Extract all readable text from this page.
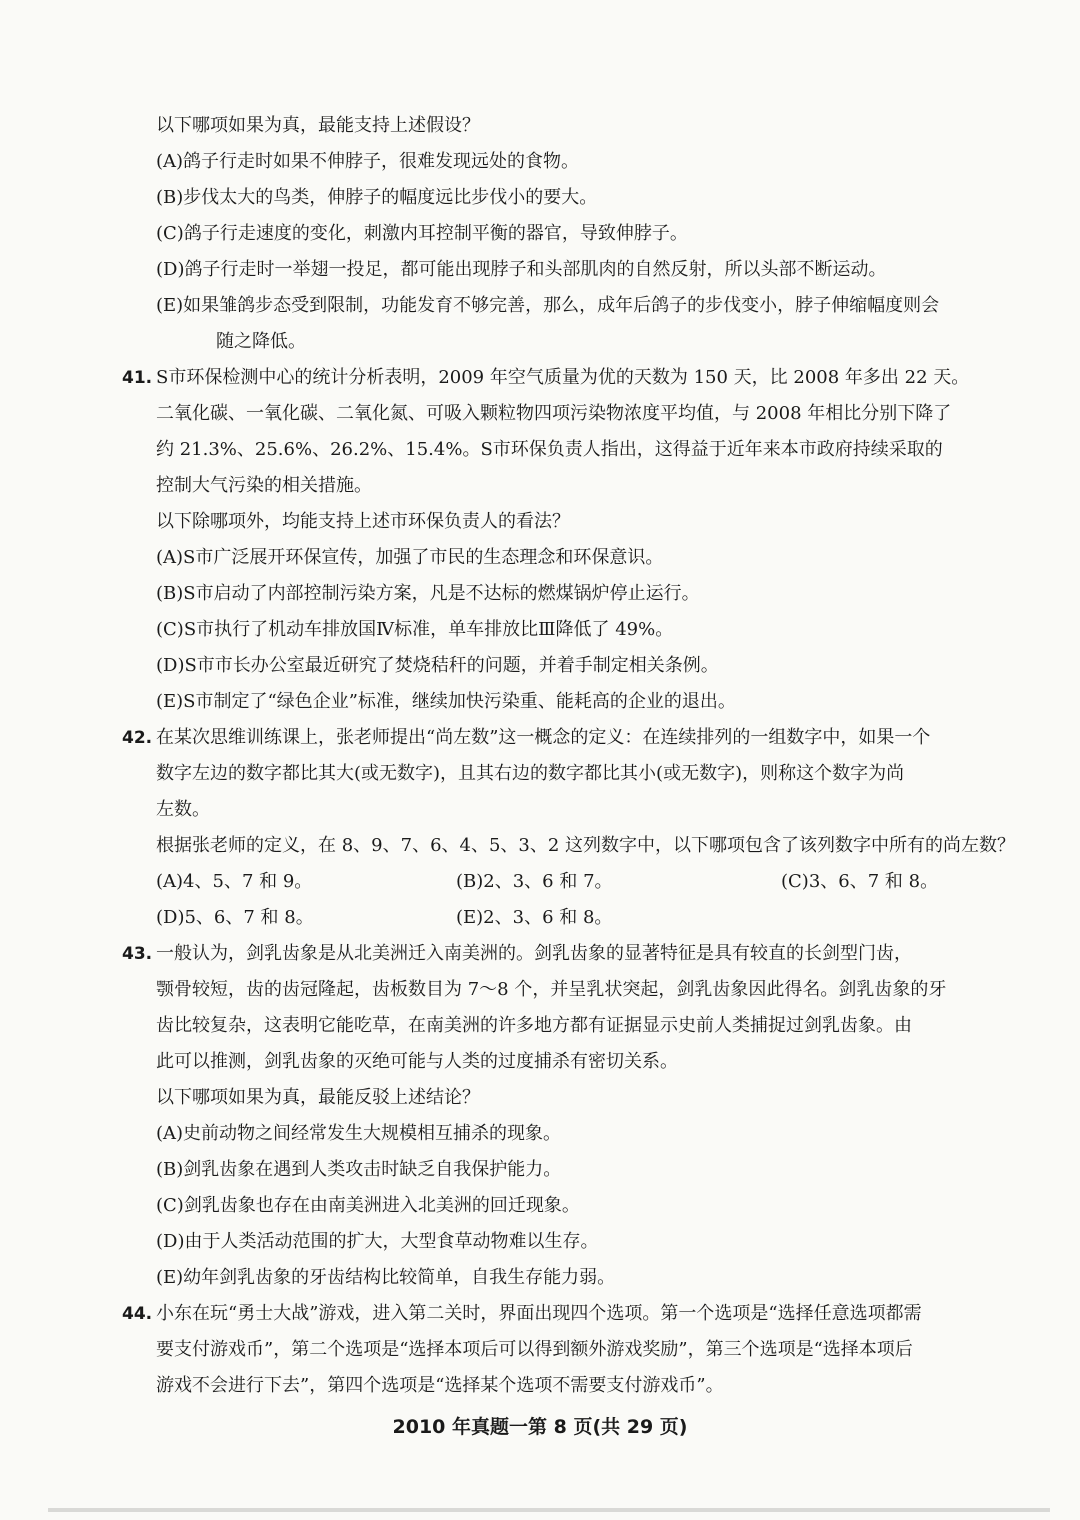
以下哪项如果为真，最能支持上述假设？
(A)鸽子行走时如果不伸脖子，很难发现远处的食物。
(B)步伐太大的鸟类，伸脖子的幅度远比步伐小的要大。
(C)鸽子行走速度的变化，刺激内耳控制平衡的器官，导致伸脖子。
(D)鸽子行走时一举翅一投足，都可能出现脖子和头部肌肉的自然反射，所以头部不断运动。
(E)如果雏鸽步态受到限制，功能发育不够完善，那么，成年后鸽子的步伐变小，脖子伸缩幅度则会
随之降低。
41. S市环保检测中心的统计分析表明，2009 年空气质量为优的天数为 150 天，比 2008 年多出 22 天。
二氧化碳、一氧化碳、二氧化氮、可吸入颗粒物四项污染物浓度平均值，与 2008 年相比分别下降了
约 21.3%、25.6%、26.2%、15.4%。S市环保负责人指出，这得益于近年来本市政府持续采取的
控制大气污染的相关措施。
以下除哪项外，均能支持上述市环保负责人的看法？
(A)S市广泛展开环保宣传，加强了市民的生态理念和环保意识。
(B)S市启动了内部控制污染方案，凡是不达标的燃煤锅炉停止运行。
(C)S市执行了机动车排放国Ⅳ标准，单车排放比Ⅲ降低了 49%。
(D)S市市长办公室最近研究了焚烧秸秆的问题，并着手制定相关条例。
(E)S市制定了“绿色企业”标准，继续加快污染重、能耗高的企业的退出。
42. 在某次思维训练课上，张老师提出“尚左数”这一概念的定义：在连续排列的一组数字中，如果一个
数字左边的数字都比其大(或无数字)，且其右边的数字都比其小(或无数字)，则称这个数字为尚
左数。
根据张老师的定义，在 8、9、7、6、4、5、3、2 这列数字中，以下哪项包含了该列数字中所有的尚左数？
(A)4、5、7 和 9。	(B)2、3、6 和 7。	(C)3、6、7 和 8。
(D)5、6、7 和 8。	(E)2、3、6 和 8。
43. 一般认为，剑乳齿象是从北美洲迁入南美洲的。剑乳齿象的显著特征是具有较直的长剑型门齿，
颚骨较短，齿的齿冠隆起，齿板数目为 7～8 个，并呈乳状突起，剑乳齿象因此得名。剑乳齿象的牙
齿比较复杂，这表明它能吃草，在南美洲的许多地方都有证据显示史前人类捕捉过剑乳齿象。由
此可以推测，剑乳齿象的灭绝可能与人类的过度捕杀有密切关系。
以下哪项如果为真，最能反驳上述结论？
(A)史前动物之间经常发生大规模相互捕杀的现象。
(B)剑乳齿象在遇到人类攻击时缺乏自我保护能力。
(C)剑乳齿象也存在由南美洲进入北美洲的回迁现象。
(D)由于人类活动范围的扩大，大型食草动物难以生存。
(E)幼年剑乳齿象的牙齿结构比较简单，自我生存能力弱。
44. 小东在玩“勇士大战”游戏，进入第二关时，界面出现四个选项。第一个选项是“选择任意选项都需
要支付游戏币”，第二个选项是“选择本项后可以得到额外游戏奖励”，第三个选项是“选择本项后
游戏不会进行下去”，第四个选项是“选择某个选项不需要支付游戏币”。
2010 年真题一第 8 页(共 29 页)
